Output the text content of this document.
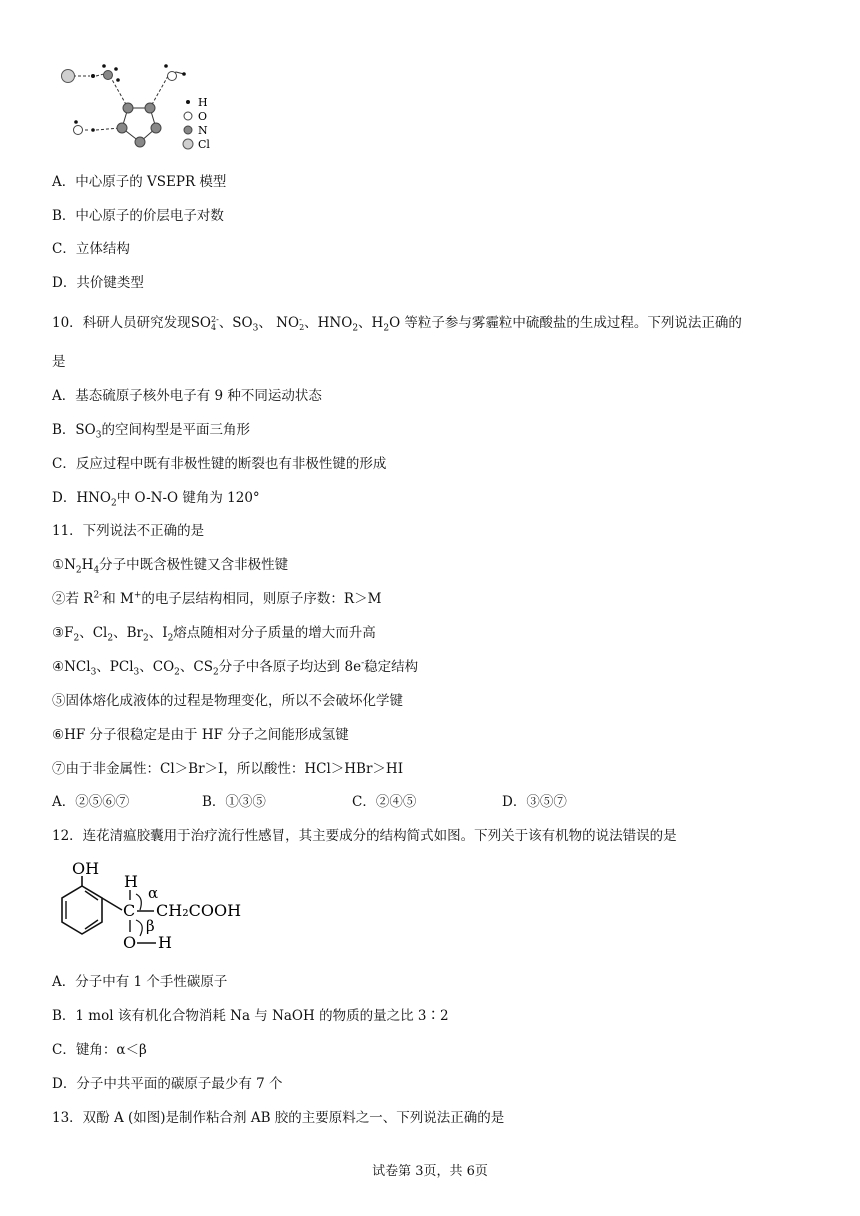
H
O
N
Cl
A．中心原子的 VSEPR 模型
B．中心原子的价层电子对数
C．立体结构
D．共价键类型
10．科研人员研究发现SO 2-
4 、$SO_3$、 NO -
2 、$HNO_2$、$H_2O$ 等粒子参与雾霾粒中硫酸盐的生成过程。下列说法正确的
是
A．基态硫原子核外电子有 9 种不同运动状态
B．$SO_3$的空间构型是平面三角形
C．反应过程中既有非极性键的断裂也有非极性键的形成
D．$HNO_2$中 O-N-O 键角为 120°
11．下列说法不正确的是
$①N_2H_4$分子中既含极性键又含非极性键
②若 $R^{2-}$和 M+的电子层结构相同，则原子序数：R＞M
$③F_2$、$Cl_2$、$Br_2$、$I_2$熔点随相对分子质量的增大而升高
④NCl$_3$、PCl$_3$、$CO_2$、$CS_2$分子中各原子均达到 8e-稳定结构
⑤固体熔化成液体的过程是物理变化，所以不会破坏化学键
⑥HF 分子很稳定是由于 HF 分子之间能形成氢键
⑦由于非金属性：Cl＞Br＞I，所以酸性：HCl＞HBr＞HI
A．②⑤⑥⑦	B．①③⑤	C．②④⑤	D．③⑤⑦
12．连花清瘟胶囊用于治疗流行性感冒，其主要成分的结构简式如图。下列关于该有机物的说法错误的是
OH
H
C
α
CH₂COOH
β
O H
A．分子中有 1 个手性碳原子
B．1 mol 该有机化合物消耗 Na 与 NaOH 的物质的量之比 3∶2
C．键角：α＜β
D．分子中共平面的碳原子最少有 7 个
13．双酚 A (如图)是制作粘合剂 AB 胶的主要原料之一、下列说法正确的是
试卷第 3页，共 6页
